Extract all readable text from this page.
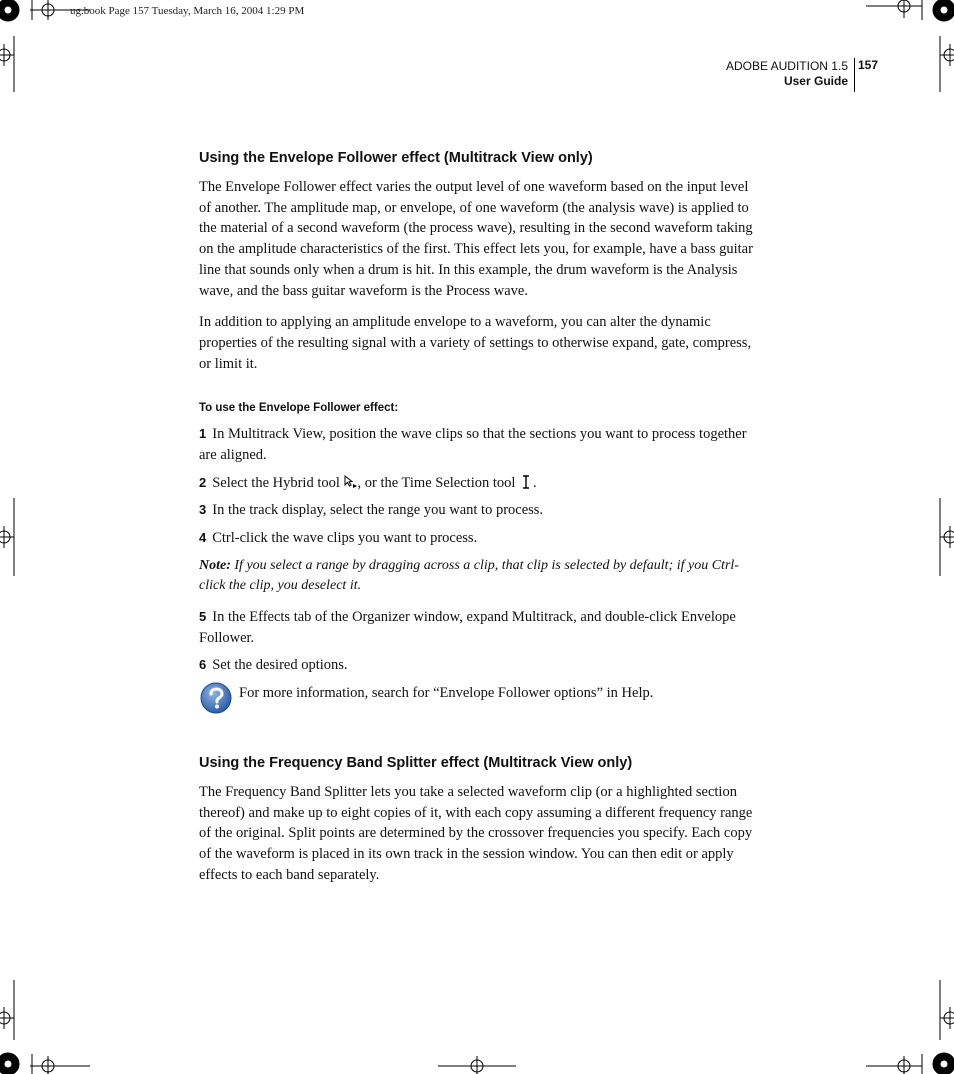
ug.book Page 157 Tuesday, March 16, 2004 1:29 PM
ADOBE AUDITION 1.5
User Guide
157
Using the Envelope Follower effect (Multitrack View only)

The Envelope Follower effect varies the output level of one waveform based on the input level of another. The amplitude map, or envelope, of one waveform (the analysis wave) is applied to the material of a second waveform (the process wave), resulting in the second waveform taking on the amplitude characteristics of the first. This effect lets you, for example, have a bass guitar line that sounds only when a drum is hit. In this example, the drum waveform is the Analysis wave, and the bass guitar waveform is the Process wave.

In addition to applying an amplitude envelope to a waveform, you can alter the dynamic properties of the resulting signal with a variety of settings to otherwise expand, gate, compress, or limit it.

To use the Envelope Follower effect:
1 In Multitrack View, position the wave clips so that the sections you want to process together are aligned.
2 Select the Hybrid tool , or the Time Selection tool .
3 In the track display, select the range you want to process.
4 Ctrl-click the wave clips you want to process.

Note: If you select a range by dragging across a clip, that clip is selected by default; if you Ctrl-click the clip, you deselect it.

5 In the Effects tab of the Organizer window, expand Multitrack, and double-click Envelope Follower.
6 Set the desired options.

For more information, search for “Envelope Follower options” in Help.

Using the Frequency Band Splitter effect (Multitrack View only)

The Frequency Band Splitter lets you take a selected waveform clip (or a highlighted section thereof) and make up to eight copies of it, with each copy assuming a different frequency range of the original. Split points are determined by the crossover frequencies you specify. Each copy of the waveform is placed in its own track in the session window. You can then edit or apply effects to each band separately.
